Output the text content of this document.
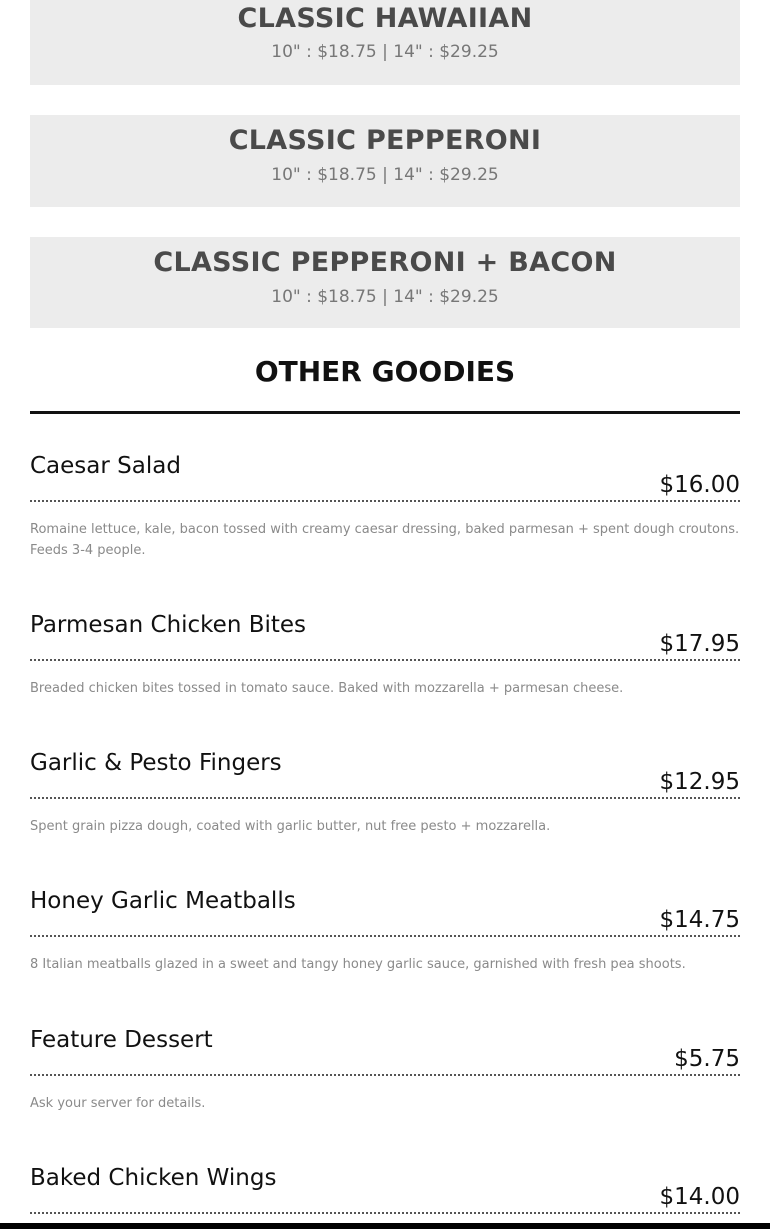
CLASSIC HAWAIIAN
10" : $18.75 | 14" : $29.25
CLASSIC PEPPERONI
10" : $18.75 | 14" : $29.25
CLASSIC PEPPERONI + BACON
10" : $18.75 | 14" : $29.25
OTHER GOODIES
Caesar Salad
$16.00
Romaine lettuce, kale, bacon tossed with creamy caesar dressing, baked parmesan + spent dough croutons. Feeds 3-4 people.
Parmesan Chicken Bites
$17.95
Breaded chicken bites tossed in tomato sauce. Baked with mozzarella + parmesan cheese.
Garlic & Pesto Fingers
$12.95
Spent grain pizza dough, coated with garlic butter, nut free pesto + mozzarella.
Honey Garlic Meatballs
$14.75
8 Italian meatballs glazed in a sweet and tangy honey garlic sauce, garnished with fresh pea shoots.
Feature Dessert
$5.75
Ask your server for details.
Baked Chicken Wings
$14.00
